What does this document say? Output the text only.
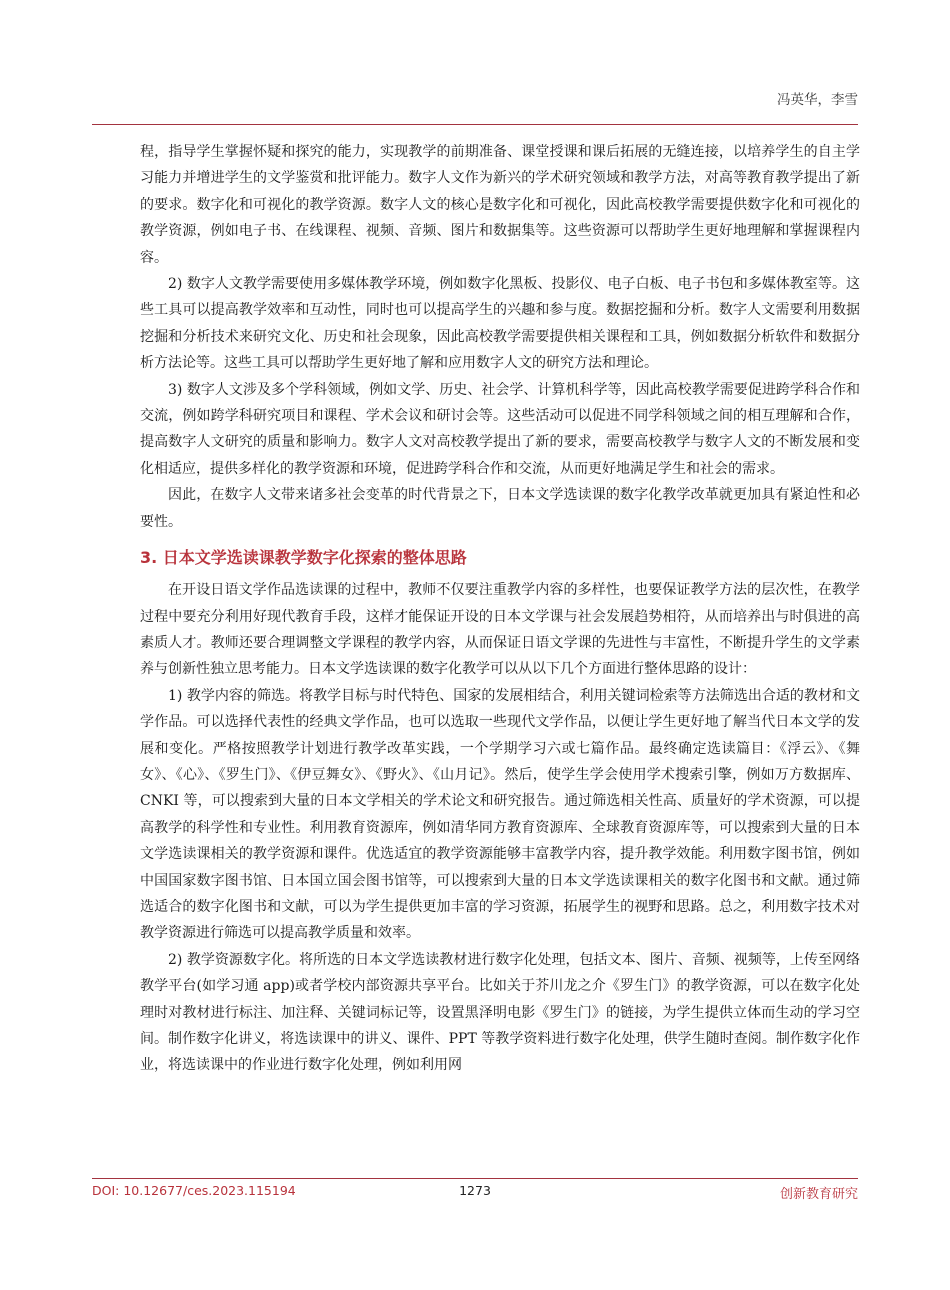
冯英华，李雪

程，指导学生掌握怀疑和探究的能力，实现教学的前期准备、课堂授课和课后拓展的无缝连接，以培养学生的自主学习能力并增进学生的文学鉴赏和批评能力。数字人文作为新兴的学术研究领域和教学方法，对高等教育教学提出了新的要求。数字化和可视化的教学资源。数字人文的核心是数字化和可视化，因此高校教学需要提供数字化和可视化的教学资源，例如电子书、在线课程、视频、音频、图片和数据集等。这些资源可以帮助学生更好地理解和掌握课程内容。

2) 数字人文教学需要使用多媒体教学环境，例如数字化黑板、投影仪、电子白板、电子书包和多媒体教室等。这些工具可以提高教学效率和互动性，同时也可以提高学生的兴趣和参与度。数据挖掘和分析。数字人文需要利用数据挖掘和分析技术来研究文化、历史和社会现象，因此高校教学需要提供相关课程和工具，例如数据分析软件和数据分析方法论等。这些工具可以帮助学生更好地了解和应用数字人文的研究方法和理论。

3) 数字人文涉及多个学科领域，例如文学、历史、社会学、计算机科学等，因此高校教学需要促进跨学科合作和交流，例如跨学科研究项目和课程、学术会议和研讨会等。这些活动可以促进不同学科领域之间的相互理解和合作，提高数字人文研究的质量和影响力。数字人文对高校教学提出了新的要求，需要高校教学与数字人文的不断发展和变化相适应，提供多样化的教学资源和环境，促进跨学科合作和交流，从而更好地满足学生和社会的需求。

因此，在数字人文带来诸多社会变革的时代背景之下，日本文学选读课的数字化教学改革就更加具有紧迫性和必要性。

3. 日本文学选读课教学数字化探索的整体思路

在开设日语文学作品选读课的过程中，教师不仅要注重教学内容的多样性，也要保证教学方法的层次性，在教学过程中要充分利用好现代教育手段，这样才能保证开设的日本文学课与社会发展趋势相符，从而培养出与时俱进的高素质人才。教师还要合理调整文学课程的教学内容，从而保证日语文学课的先进性与丰富性，不断提升学生的文学素养与创新性独立思考能力。日本文学选读课的数字化教学可以从以下几个方面进行整体思路的设计：

1) 教学内容的筛选。将教学目标与时代特色、国家的发展相结合，利用关键词检索等方法筛选出合适的教材和文学作品。可以选择代表性的经典文学作品，也可以选取一些现代文学作品，以便让学生更好地了解当代日本文学的发展和变化。严格按照教学计划进行教学改革实践，一个学期学习六或七篇作品。最终确定选读篇目：《浮云》、《舞女》、《心》、《罗生门》、《伊豆舞女》、《野火》、《山月记》。然后，使学生学会使用学术搜索引擎，例如万方数据库、CNKI 等，可以搜索到大量的日本文学相关的学术论文和研究报告。通过筛选相关性高、质量好的学术资源，可以提高教学的科学性和专业性。利用教育资源库，例如清华同方教育资源库、全球教育资源库等，可以搜索到大量的日本文学选读课相关的教学资源和课件。优选适宜的教学资源能够丰富教学内容，提升教学效能。利用数字图书馆，例如中国国家数字图书馆、日本国立国会图书馆等，可以搜索到大量的日本文学选读课相关的数字化图书和文献。通过筛选适合的数字化图书和文献，可以为学生提供更加丰富的学习资源，拓展学生的视野和思路。总之，利用数字技术对教学资源进行筛选可以提高教学质量和效率。

2) 教学资源数字化。将所选的日本文学选读教材进行数字化处理，包括文本、图片、音频、视频等，上传至网络教学平台(如学习通 app)或者学校内部资源共享平台。比如关于芥川龙之介《罗生门》的教学资源，可以在数字化处理时对教材进行标注、加注释、关键词标记等，设置黑泽明电影《罗生门》的链接，为学生提供立体而生动的学习空间。制作数字化讲义，将选读课中的讲义、课件、PPT 等教学资料进行数字化处理，供学生随时查阅。制作数字化作业，将选读课中的作业进行数字化处理，例如利用网

DOI: 10.12677/ces.2023.115194	1273	创新教育研究
